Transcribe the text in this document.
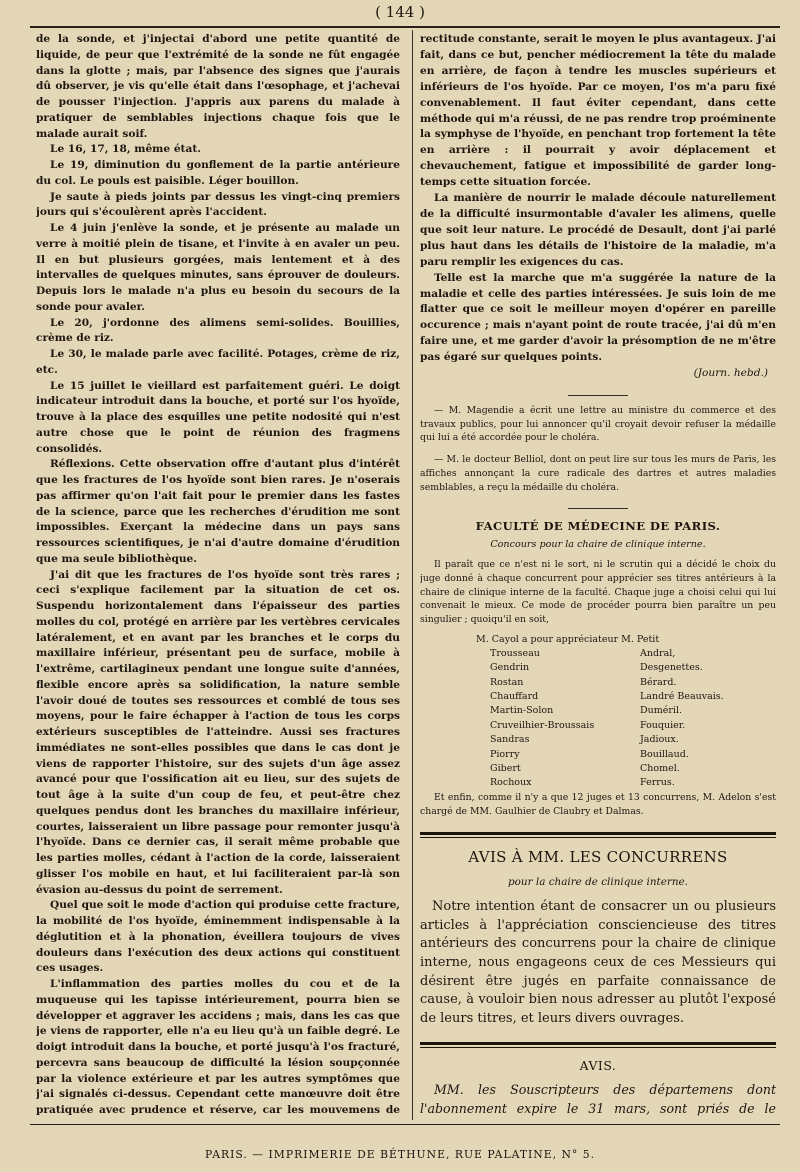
( 144 )

de la sonde, et j'injectai d'abord une petite quantité de liquide, de peur que l'extrémité de la sonde ne fût engagée dans la glotte ; mais, par l'absence des signes que j'aurais dû observer, je vis qu'elle était dans l'œsophage, et j'achevai de pousser l'injection. J'appris aux parens du malade à pratiquer de semblables injections chaque fois que le malade aurait soif.

Le 16, 17, 18, même état.

Le 19, diminution du gonflement de la partie antérieure du col. Le pouls est paisible. Léger bouillon.

Je saute à pieds joints par dessus les vingt-cinq premiers jours qui s'écoulèrent après l'accident.

Le 4 juin j'enlève la sonde, et je présente au malade un verre à moitié plein de tisane, et l'invite à en avaler un peu. Il en but plusieurs gorgées, mais lentement et à des intervalles de quelques minutes, sans éprouver de douleurs. Depuis lors le malade n'a plus eu besoin du secours de la sonde pour avaler.

Le 20, j'ordonne des alimens semi-solides. Bouillies, crème de riz.

Le 30, le malade parle avec facilité. Potages, crème de riz, etc.

Le 15 juillet le vieillard est parfaitement guéri. Le doigt indicateur introduit dans la bouche, et porté sur l'os hyoïde, trouve à la place des esquilles une petite nodosité qui n'est autre chose que le point de réunion des fragmens consolidés.

Réflexions. Cette observation offre d'autant plus d'intérêt que les fractures de l'os hyoïde sont bien rares. Je n'oserais pas affirmer qu'on l'ait fait pour le premier dans les fastes de la science, parce que les recherches d'érudition me sont impossibles. Exerçant la médecine dans un pays sans ressources scientifiques, je n'ai d'autre domaine d'érudition que ma seule bibliothèque.

J'ai dit que les fractures de l'os hyoïde sont très rares ; ceci s'explique facilement par la situation de cet os. Suspendu horizontalement dans l'épaisseur des parties molles du col, protégé en arrière par les vertèbres cervicales latéralement, et en avant par les branches et le corps du maxillaire inférieur, présentant peu de surface, mobile à l'extrême, cartilagineux pendant une longue suite d'années, flexible encore après sa solidification, la nature semble l'avoir doué de toutes ses ressources et comblé de tous ses moyens, pour le faire échapper à l'action de tous les corps extérieurs susceptibles de l'atteindre. Aussi ses fractures immédiates ne sont-elles possibles que dans le cas dont je viens de rapporter l'histoire, sur des sujets d'un âge assez avancé pour que l'ossification ait eu lieu, sur des sujets de tout âge à la suite d'un coup de feu, et peut-être chez quelques pendus dont les branches du maxillaire inférieur, courtes, laisseraient un libre passage pour remonter jusqu'à l'hyoïde. Dans ce dernier cas, il serait même probable que les parties molles, cédant à l'action de la corde, laisseraient glisser l'os mobile en haut, et lui faciliteraient par-là son évasion au-dessus du point de serrement.

Quel que soit le mode d'action qui produise cette fracture, la mobilité de l'os hyoïde, éminemment indispensable à la déglutition et à la phonation, éveillera toujours de vives douleurs dans l'exécution des deux actions qui constituent ces usages.

L'inflammation des parties molles du cou et de la muqueuse qui les tapisse intérieurement, pourra bien se développer et aggraver les accidens ; mais, dans les cas que je viens de rapporter, elle n'a eu lieu qu'à un faible degré. Le doigt introduit dans la bouche, et porté jusqu'à l'os fracturé, percevra sans beaucoup de difficulté la lésion soupçonnée par la violence extérieure et par les autres symptômes que j'ai signalés ci-dessus. Cependant cette manœuvre doit être pratiquée avec prudence et réserve, car les mouvemens de

rectitude constante, serait le moyen le plus avantageux. J'ai fait, dans ce but, pencher médiocrement la tête du malade en arrière, de façon à tendre les muscles supérieurs et inférieurs de l'os hyoïde. Par ce moyen, l'os m'a paru fixé convenablement. Il faut éviter cependant, dans cette méthode qui m'a réussi, de ne pas rendre trop proéminente la symphyse de l'hyoïde, en penchant trop fortement la tête en arrière : il pourrait y avoir déplacement et chevauchement, fatigue et impossibilité de garder long-temps cette situation forcée.

La manière de nourrir le malade découle naturellement de la difficulté insurmontable d'avaler les alimens, quelle que soit leur nature. Le procédé de Desault, dont j'ai parlé plus haut dans les détails de l'histoire de la maladie, m'a paru remplir les exigences du cas.

Telle est la marche que m'a suggérée la nature de la maladie et celle des parties intéressées. Je suis loin de me flatter que ce soit le meilleur moyen d'opérer en pareille occurence ; mais n'ayant point de route tracée, j'ai dû m'en faire une, et me garder d'avoir la présomption de ne m'être pas égaré sur quelques points.

(Journ. hebd.)

— M. Magendie a écrit une lettre au ministre du commerce et des travaux publics, pour lui annoncer qu'il croyait devoir refuser la médaille qui lui a été accordée pour le choléra.

— M. le docteur Belliol, dont on peut lire sur tous les murs de Paris, les affiches annonçant la cure radicale des dartres et autres maladies semblables, a reçu la médaille du choléra.

FACULTÉ DE MÉDECINE DE PARIS.
Concours pour la chaire de clinique interne.

Il paraît que ce n'est ni le sort, ni le scrutin qui a décidé le choix du juge donné à chaque concurrent pour apprécier ses titres antérieurs à la chaire de clinique interne de la faculté. Chaque juge a choisi celui qui lui convenait le mieux. Ce mode de procéder pourra bien paraître un peu singulier ; quoiqu'il en soit,

M. Cayol a pour appréciateur M. Petit
Trousseau	Andral,
Gendrin	Desgenettes.
Rostan	Bérard.
Chauffard	Landré Beauvais.
Martin-Solon	Duméril.
Cruveilhier-Broussais	Fouquier.
Sandras	Jadioux.
Piorry	Bouillaud.
Gibert	Chomel.
Rochoux	Ferrus.

Et enfin, comme il n'y a que 12 juges et 13 concurrens, M. Adelon s'est chargé de MM. Gaulhier de Claubry et Dalmas.

AVIS À MM. LES CONCURRENS
pour la chaire de clinique interne.

Notre intention étant de consacrer un ou plusieurs articles à l'appréciation consciencieuse des titres antérieurs des concurrens pour la chaire de clinique interne, nous engageons ceux de ces Messieurs qui désirent être jugés en parfaite connaissance de cause, à vouloir bien nous adresser au plutôt l'exposé de leurs titres, et leurs divers ouvrages.

AVIS.

MM. les Souscripteurs des départemens dont l'abonnement expire le 31 mars, sont priés de le

PARIS. — IMPRIMERIE DE BÉTHUNE, RUE PALATINE, N° 5.
